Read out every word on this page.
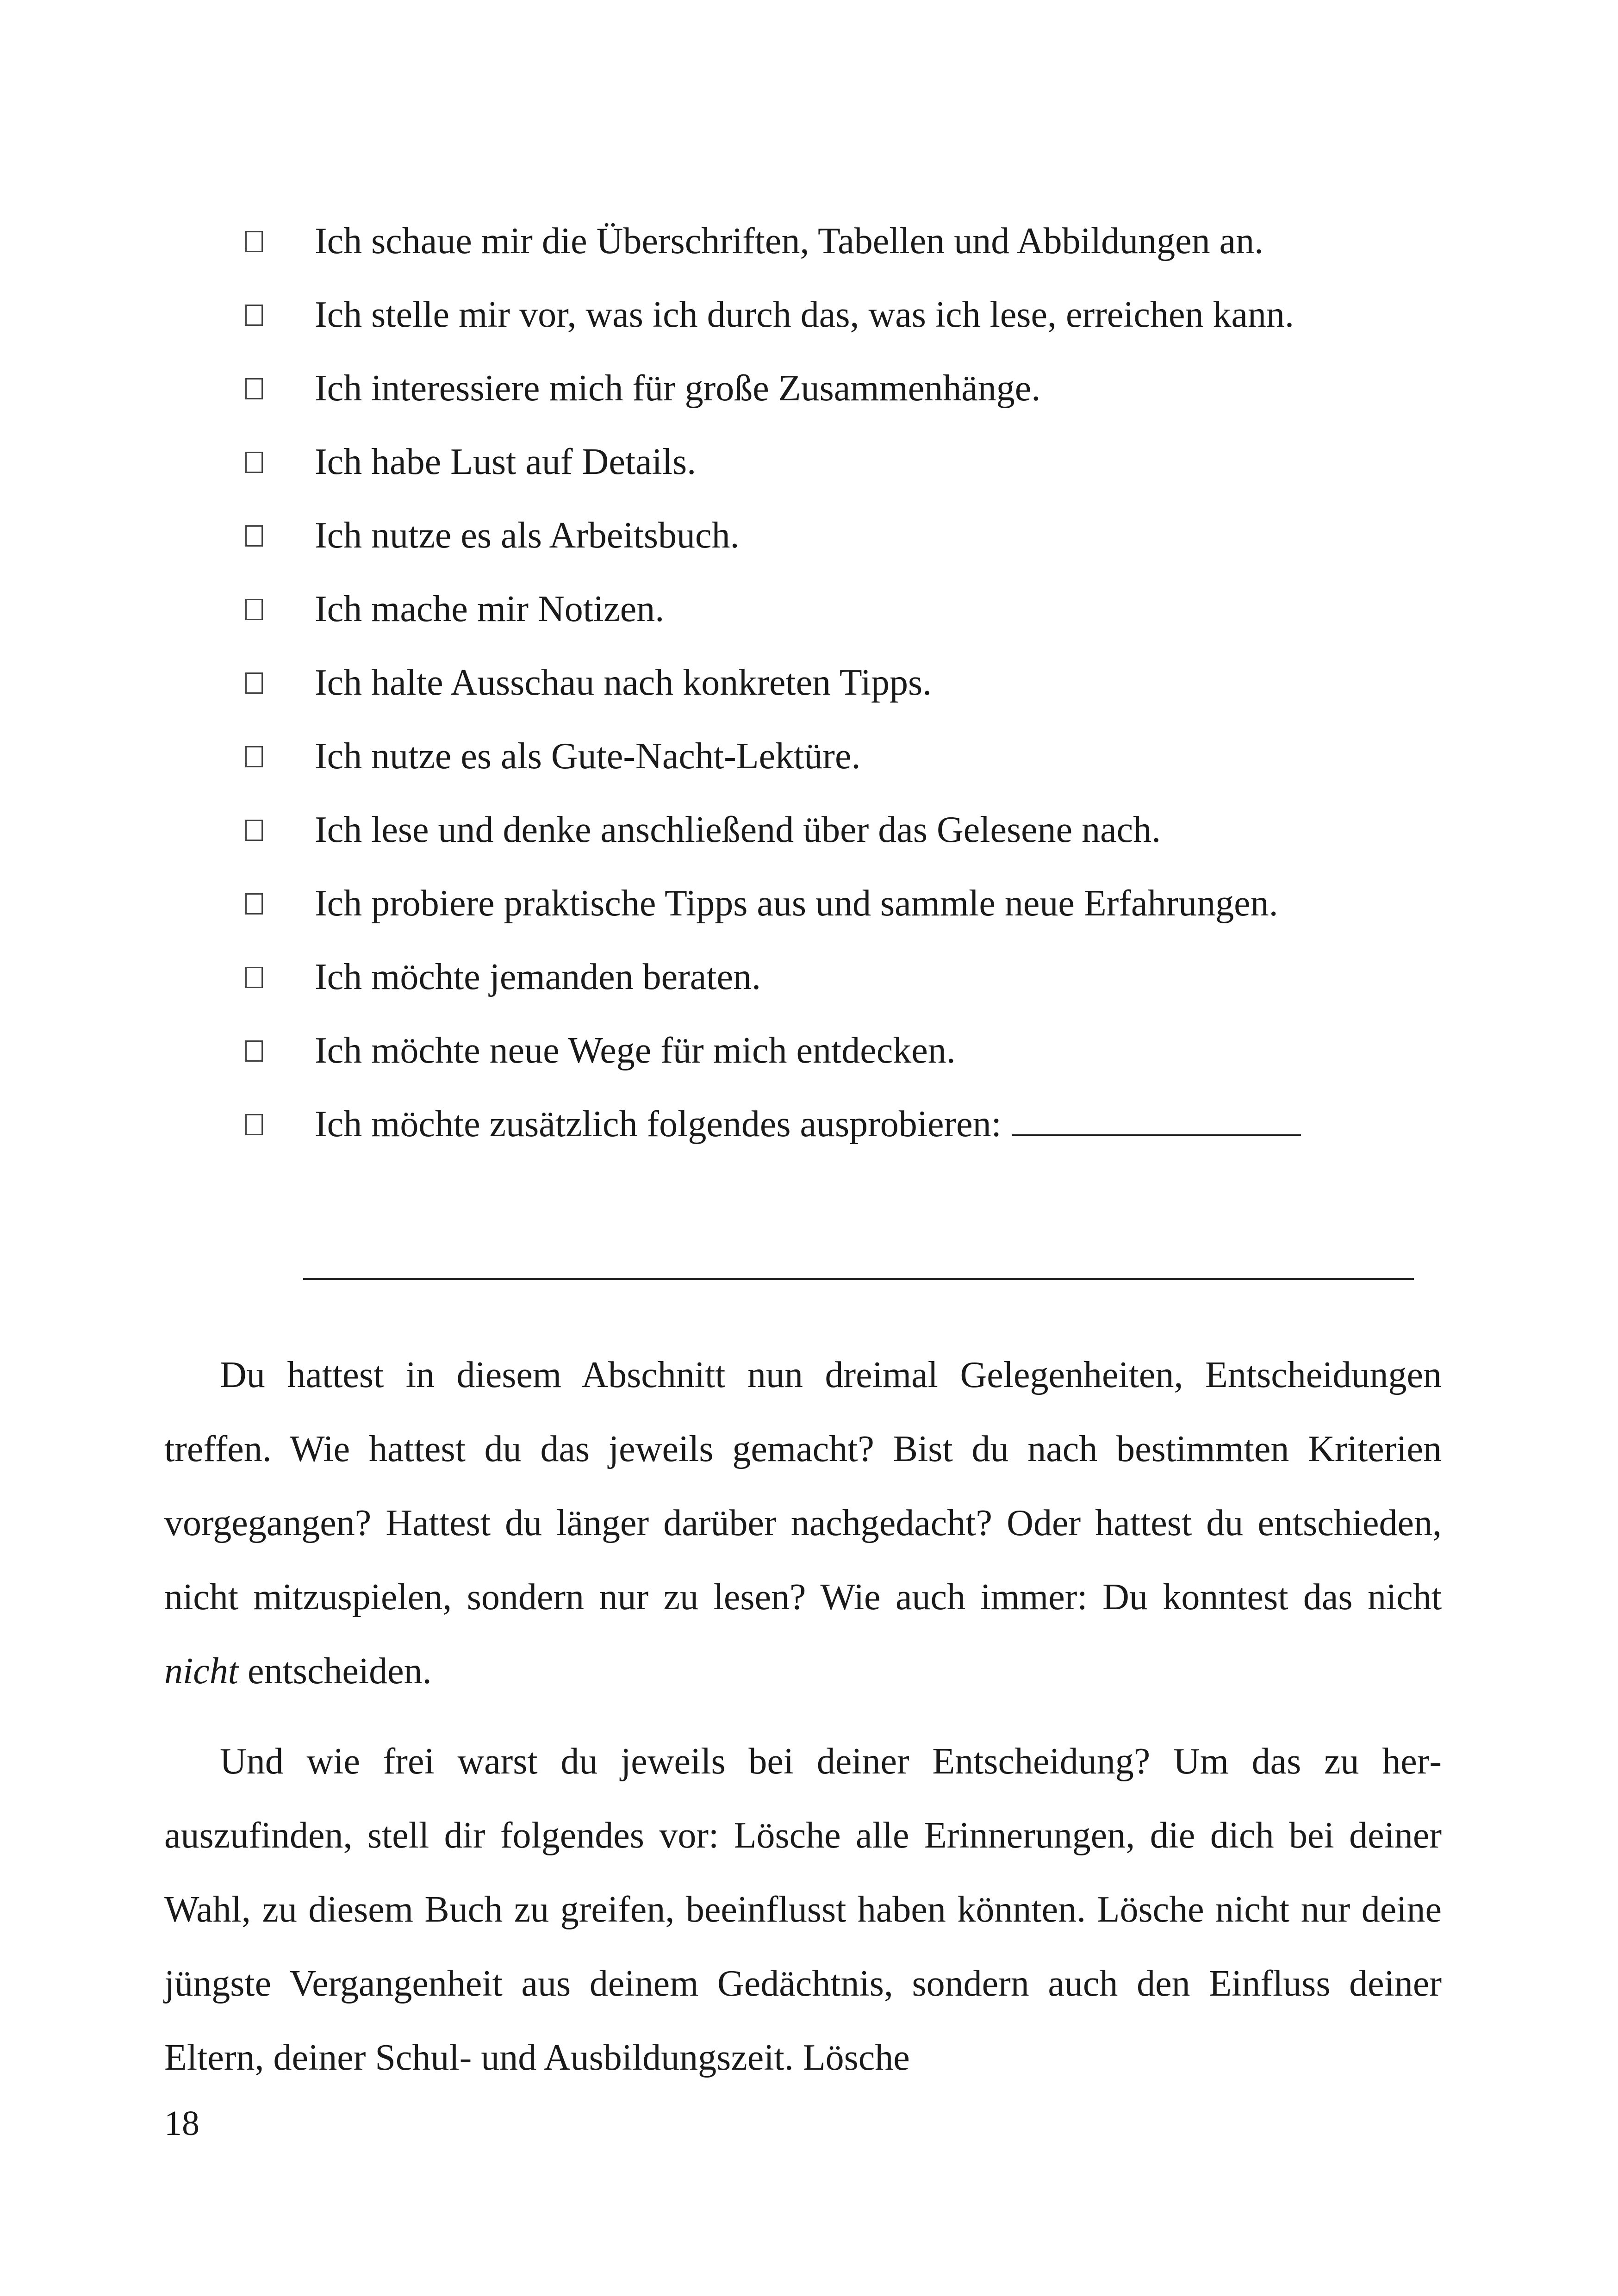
Ich schaue mir die Überschriften, Tabellen und Abbildungen an.
Ich stelle mir vor, was ich durch das, was ich lese, erreichen kann.
Ich interessiere mich für große Zusammenhänge.
Ich habe Lust auf Details.
Ich nutze es als Arbeitsbuch.
Ich mache mir Notizen.
Ich halte Ausschau nach konkreten Tipps.
Ich nutze es als Gute-Nacht-Lektüre.
Ich lese und denke anschließend über das Gelesene nach.
Ich probiere praktische Tipps aus und sammle neue Erfahrungen.
Ich möchte jemanden beraten.
Ich möchte neue Wege für mich entdecken.
Ich möchte zusätzlich folgendes ausprobieren:

Du hattest in diesem Abschnitt nun dreimal Gelegenheiten, Entscheidungen treffen. Wie hattest du das jeweils gemacht? Bist du nach bestimmten Kriterien vorgegangen? Hattest du länger darüber nachgedacht? Oder hattest du entschieden, nicht mitzuspielen, sondern nur zu lesen? Wie auch immer: Du konntest das nicht nicht entscheiden.

Und wie frei warst du jeweils bei deiner Entscheidung? Um das zu herauszufinden, stell dir folgendes vor: Lösche alle Erinnerungen, die dich bei deiner Wahl, zu diesem Buch zu greifen, beeinflusst haben könnten. Lösche nicht nur deine jüngste Vergangenheit aus deinem Gedächtnis, sondern auch den Einfluss deiner Eltern, deiner Schul- und Ausbildungszeit. Lösche

18
